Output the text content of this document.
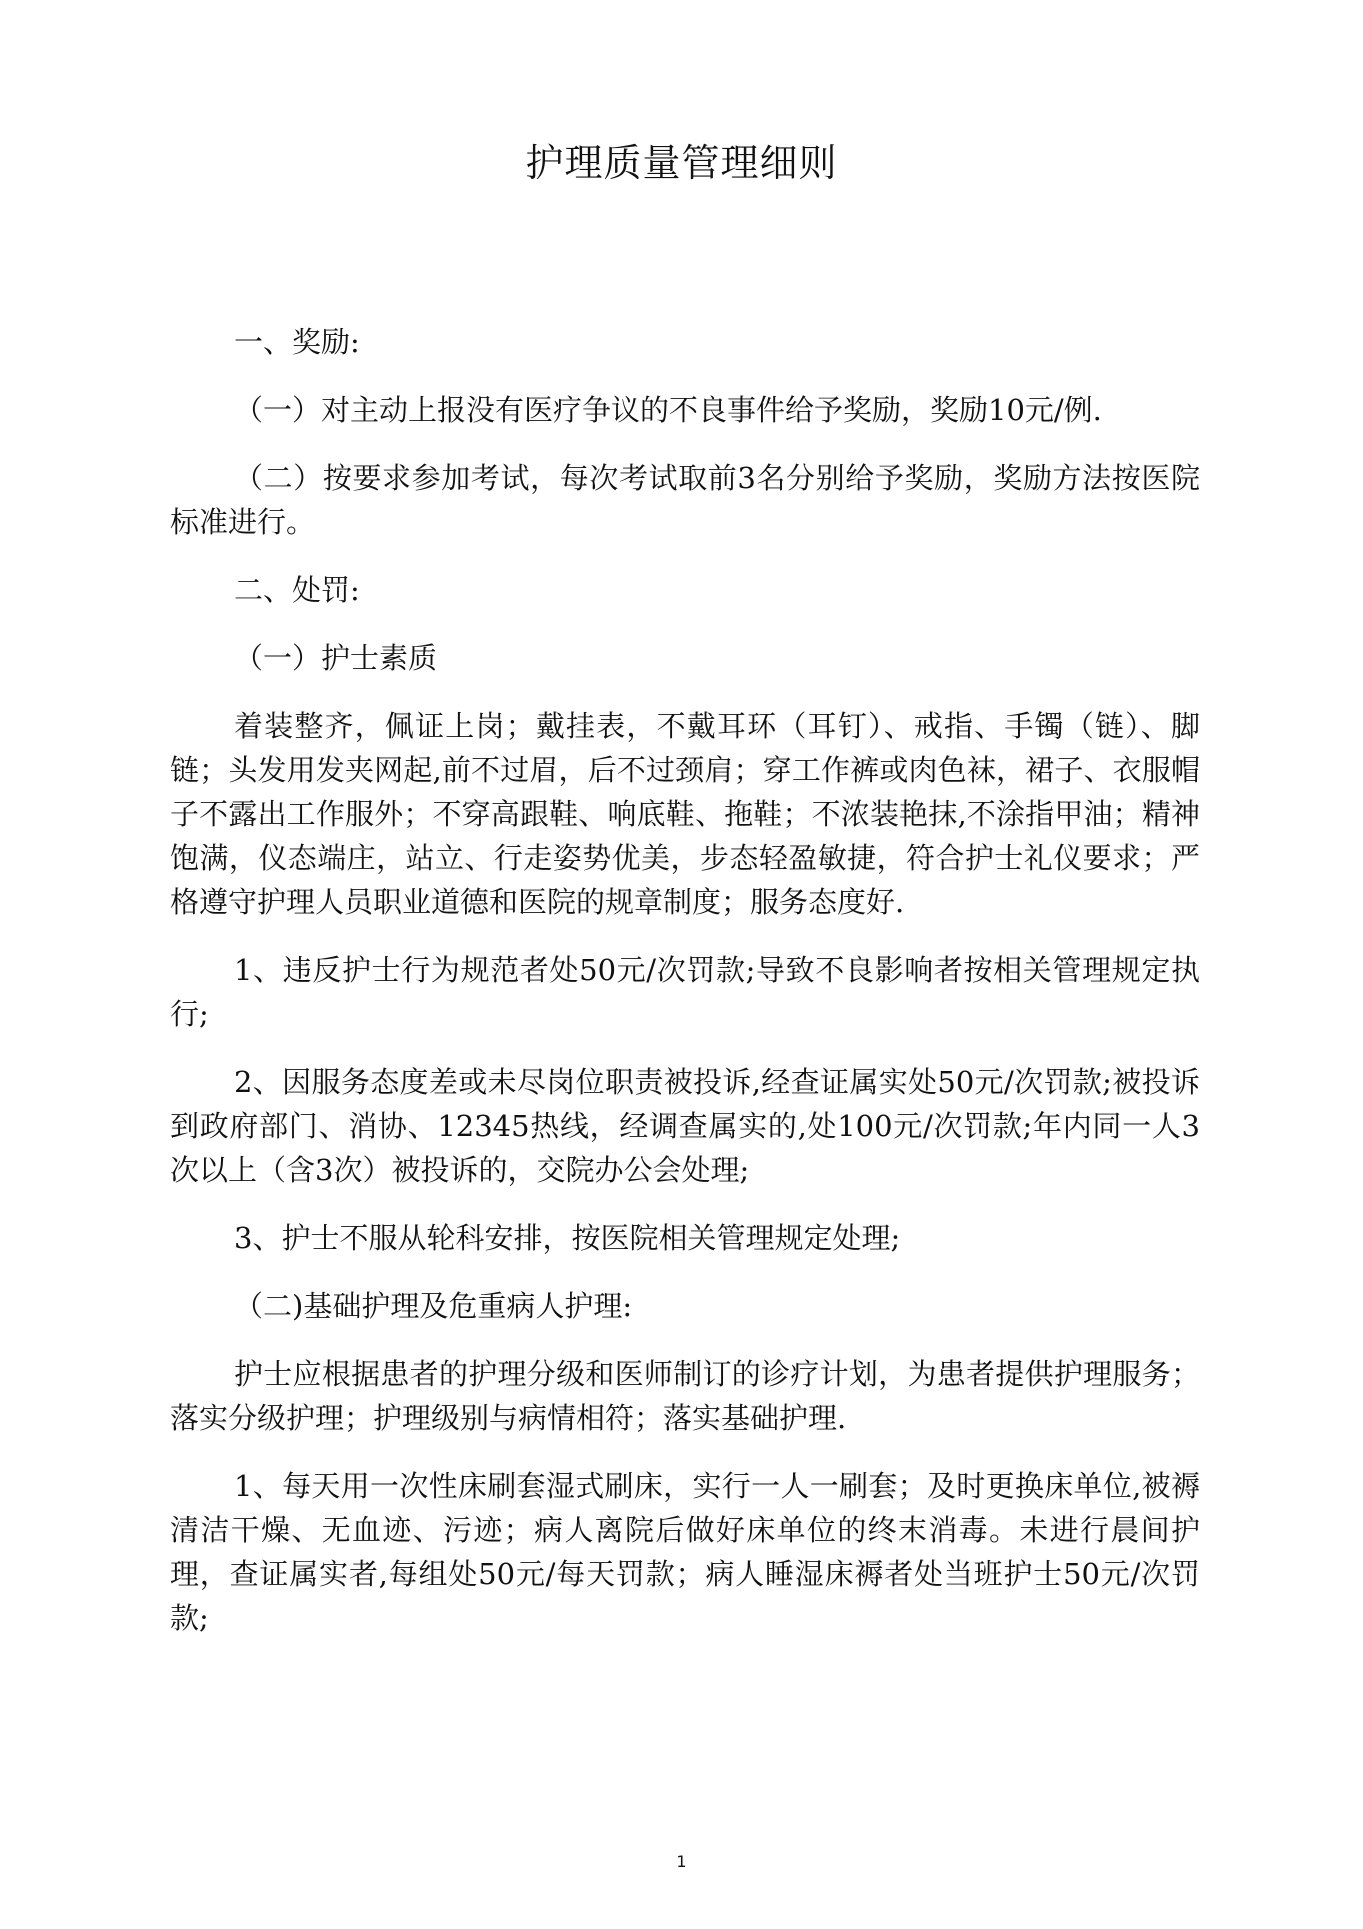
护理质量管理细则

一、奖励:

（一）对主动上报没有医疗争议的不良事件给予奖励，奖励10元/例.

（二）按要求参加考试，每次考试取前3名分别给予奖励，奖励方法按医院标准进行。

二、处罚:

（一）护士素质

着装整齐，佩证上岗；戴挂表，不戴耳环（耳钉）、戒指、手镯（链）、脚链；头发用发夹网起,前不过眉，后不过颈肩；穿工作裤或肉色袜，裙子、衣服帽子不露出工作服外；不穿高跟鞋、响底鞋、拖鞋；不浓装艳抹,不涂指甲油；精神饱满，仪态端庄，站立、行走姿势优美，步态轻盈敏捷，符合护士礼仪要求；严格遵守护理人员职业道德和医院的规章制度；服务态度好.

1、违反护士行为规范者处50元/次罚款;导致不良影响者按相关管理规定执行;

2、因服务态度差或未尽岗位职责被投诉,经查证属实处50元/次罚款;被投诉到政府部门、消协、12345热线，经调查属实的,处100元/次罚款;年内同一人3次以上（含3次）被投诉的，交院办公会处理;

3、护士不服从轮科安排，按医院相关管理规定处理;

（二)基础护理及危重病人护理:

护士应根据患者的护理分级和医师制订的诊疗计划，为患者提供护理服务；落实分级护理；护理级别与病情相符；落实基础护理.

1、每天用一次性床刷套湿式刷床，实行一人一刷套；及时更换床单位,被褥清洁干燥、无血迹、污迹；病人离院后做好床单位的终末消毒。未进行晨间护理，查证属实者,每组处50元/每天罚款；病人睡湿床褥者处当班护士50元/次罚款;

1
